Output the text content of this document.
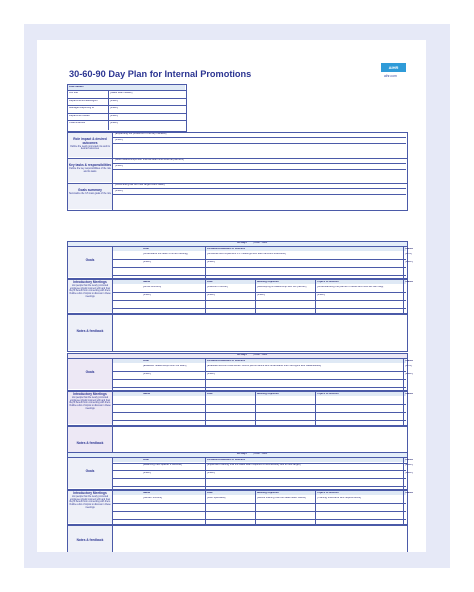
30-60-90 Day Plan for Internal Promotions
AIHR
aihr.com
Role details
Job title	[Sales team leader]
Department/Area/Region	[Insert]
Manager/Reporting to	[Insert]
Department Head	[Insert]
Coach/Mentor	[Insert]
Role impact & desired outcomes
Outline the newly promoted role and its desired outcomes
[Expanding our presence in the key markets]
[Insert]
Key tasks & responsibilities
Outline the key responsibilities of the role and its tasks
[Build relationships with internal team and external partners]
[Insert]
Goals summary
Summarize the 3-5 main goals of the role
[Grow and grow our new target client base]
[Insert]
30 Days	| Date - date
Goals
Goal	KPI/Metric/Measure of success	Status
[Understand the team's current setting]	[Schedule and implement 1:1 meetings with each account executive]	[10%]
[Insert]	[Insert]	[Insert]
Introductory Meetings
List people that the newly promoted employee should connect with and how they'll benefit from connecting with them. Outline a list of topics to discuss in these meetings
Name	Role	Meeting objective	Topics to discuss	Status
[Anna Johnson]	[Platinum Partner]	[Developing a relationship with our partner]	[Understanding the partner's needs and how we can help]
[Insert]	[Insert]	[Insert]	[Insert]
Notes & feedback
60 Days	| Date - date
Goals
Goal	KPI/Metric/Measure of success	Status
[Establish relationships with the team]	[Evaluate account executives' recent performance and understand their strengths and weaknesses]	[50%]
[Insert]	[Insert]	[Insert]
Introductory Meetings
List people that the newly promoted employee should connect with and how they'll benefit from connecting with them. Outline a list of topics to discuss in these meetings
Name	Role	Meeting objective	Topics to discuss	Status
Notes & feedback
90 Days	| Date - date
Goals
Goal	KPI/Metric/Measure of success	Status
[Reaching next quarter's revenue]	[Implement training that the sales team requires to successfully sell to new target]	[Insert]
[Insert]	[Insert]	[Insert]
Introductory Meetings
List people that the newly promoted employee should connect with and how they'll benefit from connecting with them. Outline a list of topics to discuss in these meetings
Name	Role	Meeting objective	Topics to discuss	Status
[Steven Simons]	[L&D Specialist]	[Define training that the sales team needs]	[Training timeframe and requirements]
Notes & feedback
